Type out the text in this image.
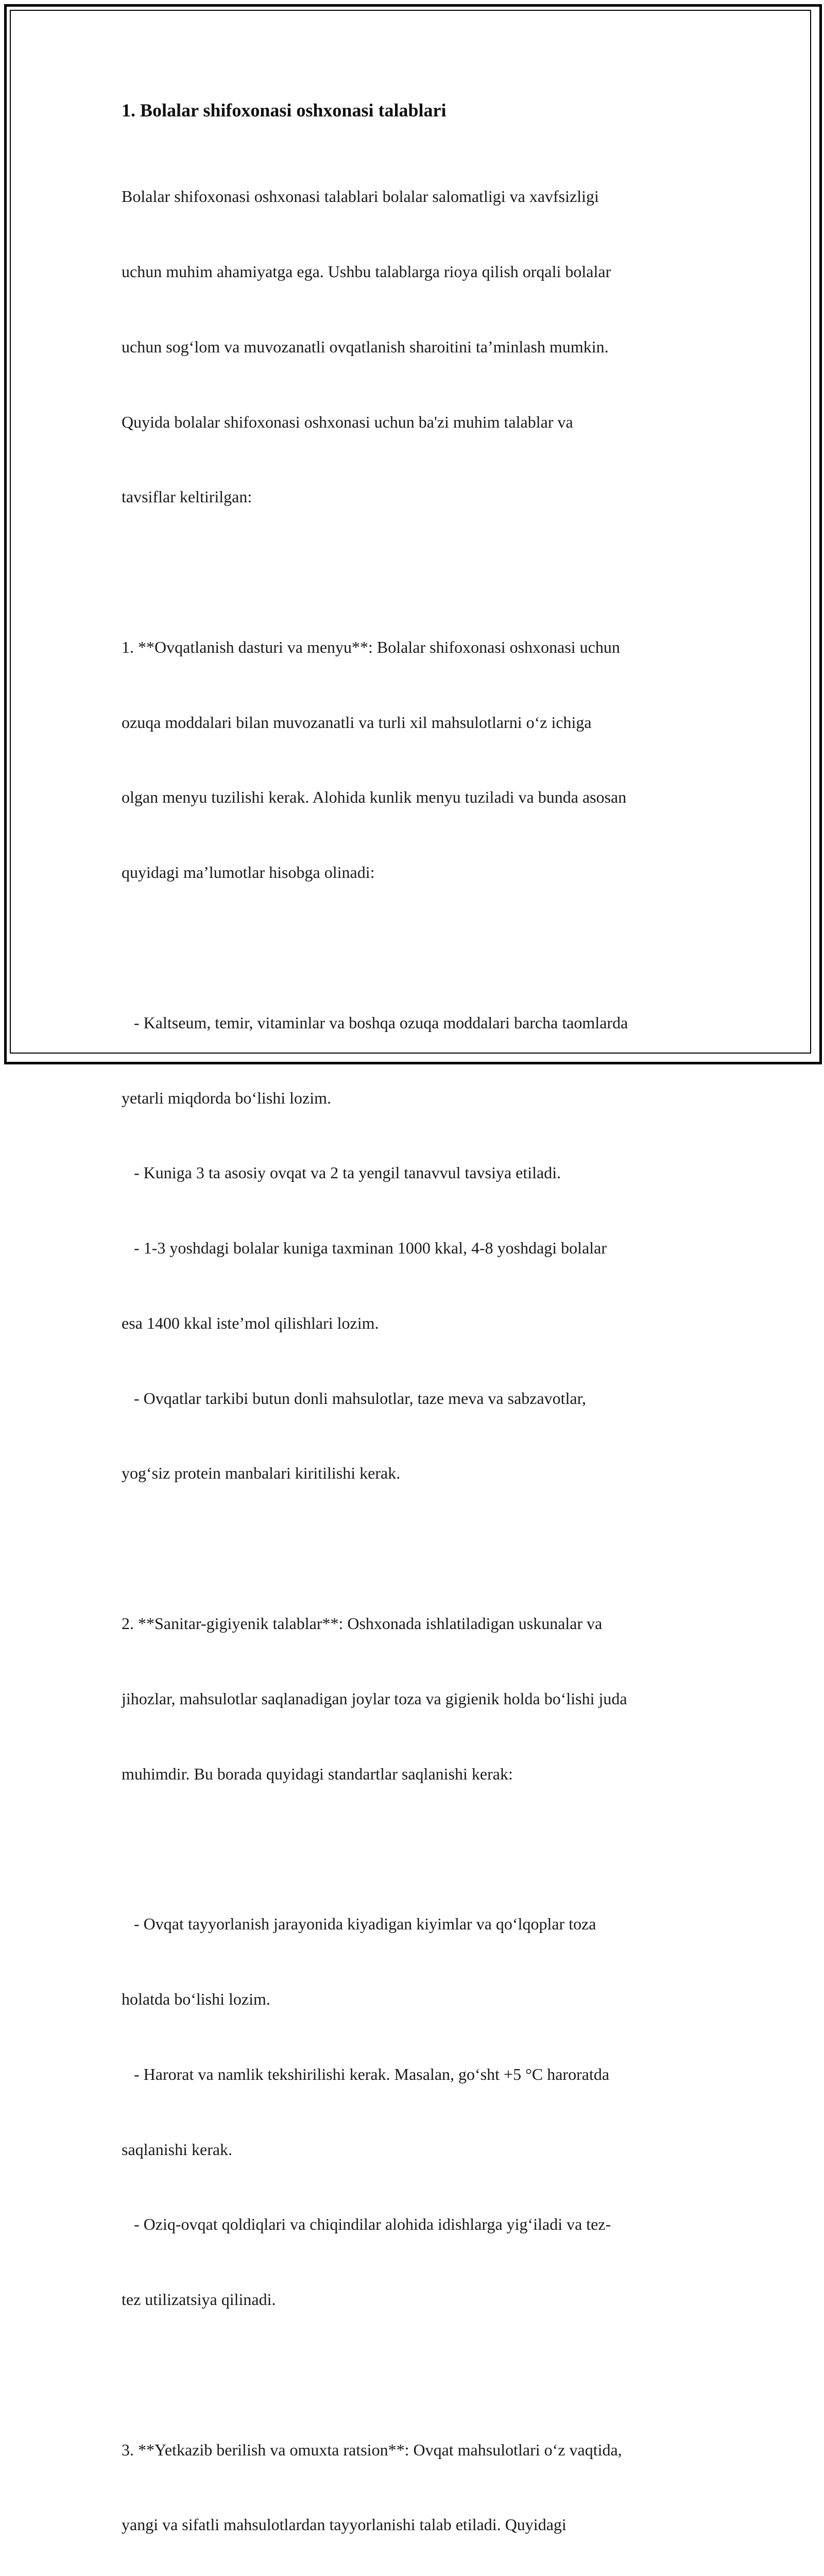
1. Bolalar shifoxonasi oshxonasi talablari

Bolalar shifoxonasi oshxonasi talablari bolalar salomatligi va xavfsizligi

uchun muhim ahamiyatga ega. Ushbu talablarga rioya qilish orqali bolalar

uchun sog‘lom va muvozanatli ovqatlanish sharoitini ta’minlash mumkin.

Quyida bolalar shifoxonasi oshxonasi uchun ba'zi muhim talablar va

tavsiflar keltirilgan:

1. **Ovqatlanish dasturi va menyu**: Bolalar shifoxonasi oshxonasi uchun

ozuqa moddalari bilan muvozanatli va turli xil mahsulotlarni o‘z ichiga

olgan menyu tuzilishi kerak. Alohida kunlik menyu tuziladi va bunda asosan

quyidagi ma’lumotlar hisobga olinadi:

- Kaltseum, temir, vitaminlar va boshqa ozuqa moddalari barcha taomlarda

yetarli miqdorda bo‘lishi lozim.

- Kuniga 3 ta asosiy ovqat va 2 ta yengil tanavvul tavsiya etiladi.

- 1-3 yoshdagi bolalar kuniga taxminan 1000 kkal, 4-8 yoshdagi bolalar

esa 1400 kkal iste’mol qilishlari lozim.

- Ovqatlar tarkibi butun donli mahsulotlar, taze meva va sabzavotlar,

yog‘siz protein manbalari kiritilishi kerak.

2. **Sanitar-gigiyenik talablar**: Oshxonada ishlatiladigan uskunalar va

jihozlar, mahsulotlar saqlanadigan joylar toza va gigienik holda bo‘lishi juda

muhimdir. Bu borada quyidagi standartlar saqlanishi kerak:

- Ovqat tayyorlanish jarayonida kiyadigan kiyimlar va qo‘lqoplar toza

holatda bo‘lishi lozim.

- Harorat va namlik tekshirilishi kerak. Masalan, go‘sht +5 °C haroratda

saqlanishi kerak.

- Oziq-ovqat qoldiqlari va chiqindilar alohida idishlarga yig‘iladi va tez-

tez utilizatsiya qilinadi.

3. **Yetkazib berilish va omuxta ratsion**: Ovqat mahsulotlari o‘z vaqtida,

yangi va sifatli mahsulotlardan tayyorlanishi talab etiladi. Quyidagi
